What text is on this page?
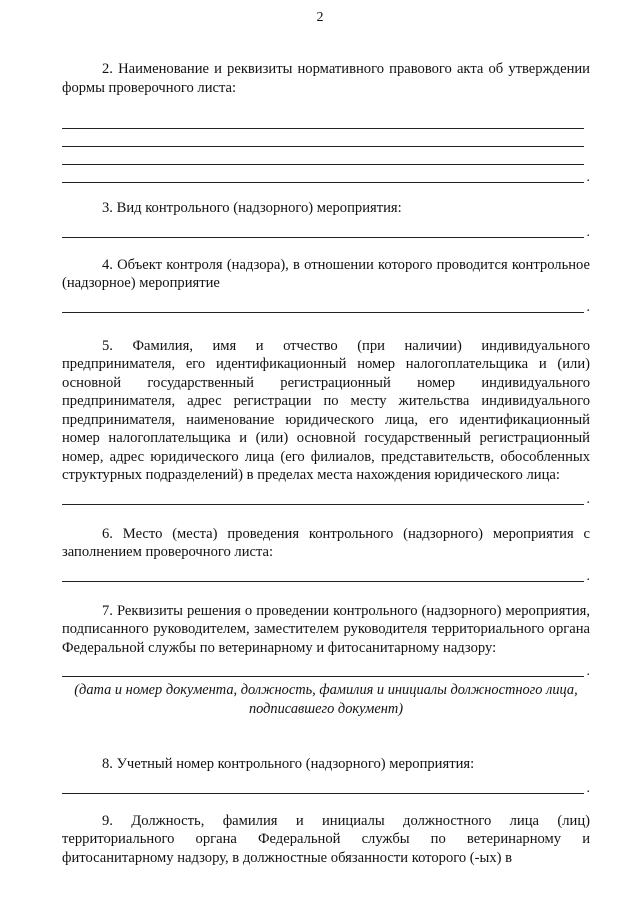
2

2. Наименование и реквизиты нормативного правового акта об утверждении формы проверочного листа:

.

3. Вид контрольного (надзорного) мероприятия:

.

4. Объект контроля (надзора), в отношении которого проводится контрольное (надзорное) мероприятие

.

5. Фамилия, имя и отчество (при наличии) индивидуального предпринимателя, его идентификационный номер налогоплательщика и (или) основной государственный регистрационный номер индивидуального предпринимателя, адрес регистрации по месту жительства индивидуального предпринимателя, наименование юридического лица, его идентификационный номер налогоплательщика и (или) основной государственный регистрационный номер, адрес юридического лица (его филиалов, представительств, обособленных структурных подразделений) в пределах места нахождения юридического лица:

.

6. Место (места) проведения контрольного (надзорного) мероприятия с заполнением проверочного листа:

.

7. Реквизиты решения о проведении контрольного (надзорного) мероприятия, подписанного руководителем, заместителем руководителя территориального органа Федеральной службы по ветеринарному и фитосанитарному надзору:

.

(дата и номер документа, должность, фамилия и инициалы должностного лица, подписавшего документ)

8. Учетный номер контрольного (надзорного) мероприятия:

.

9. Должность, фамилия и инициалы должностного лица (лиц) территориального органа Федеральной службы по ветеринарному и фитосанитарному надзору, в должностные обязанности которого (-ых) в
